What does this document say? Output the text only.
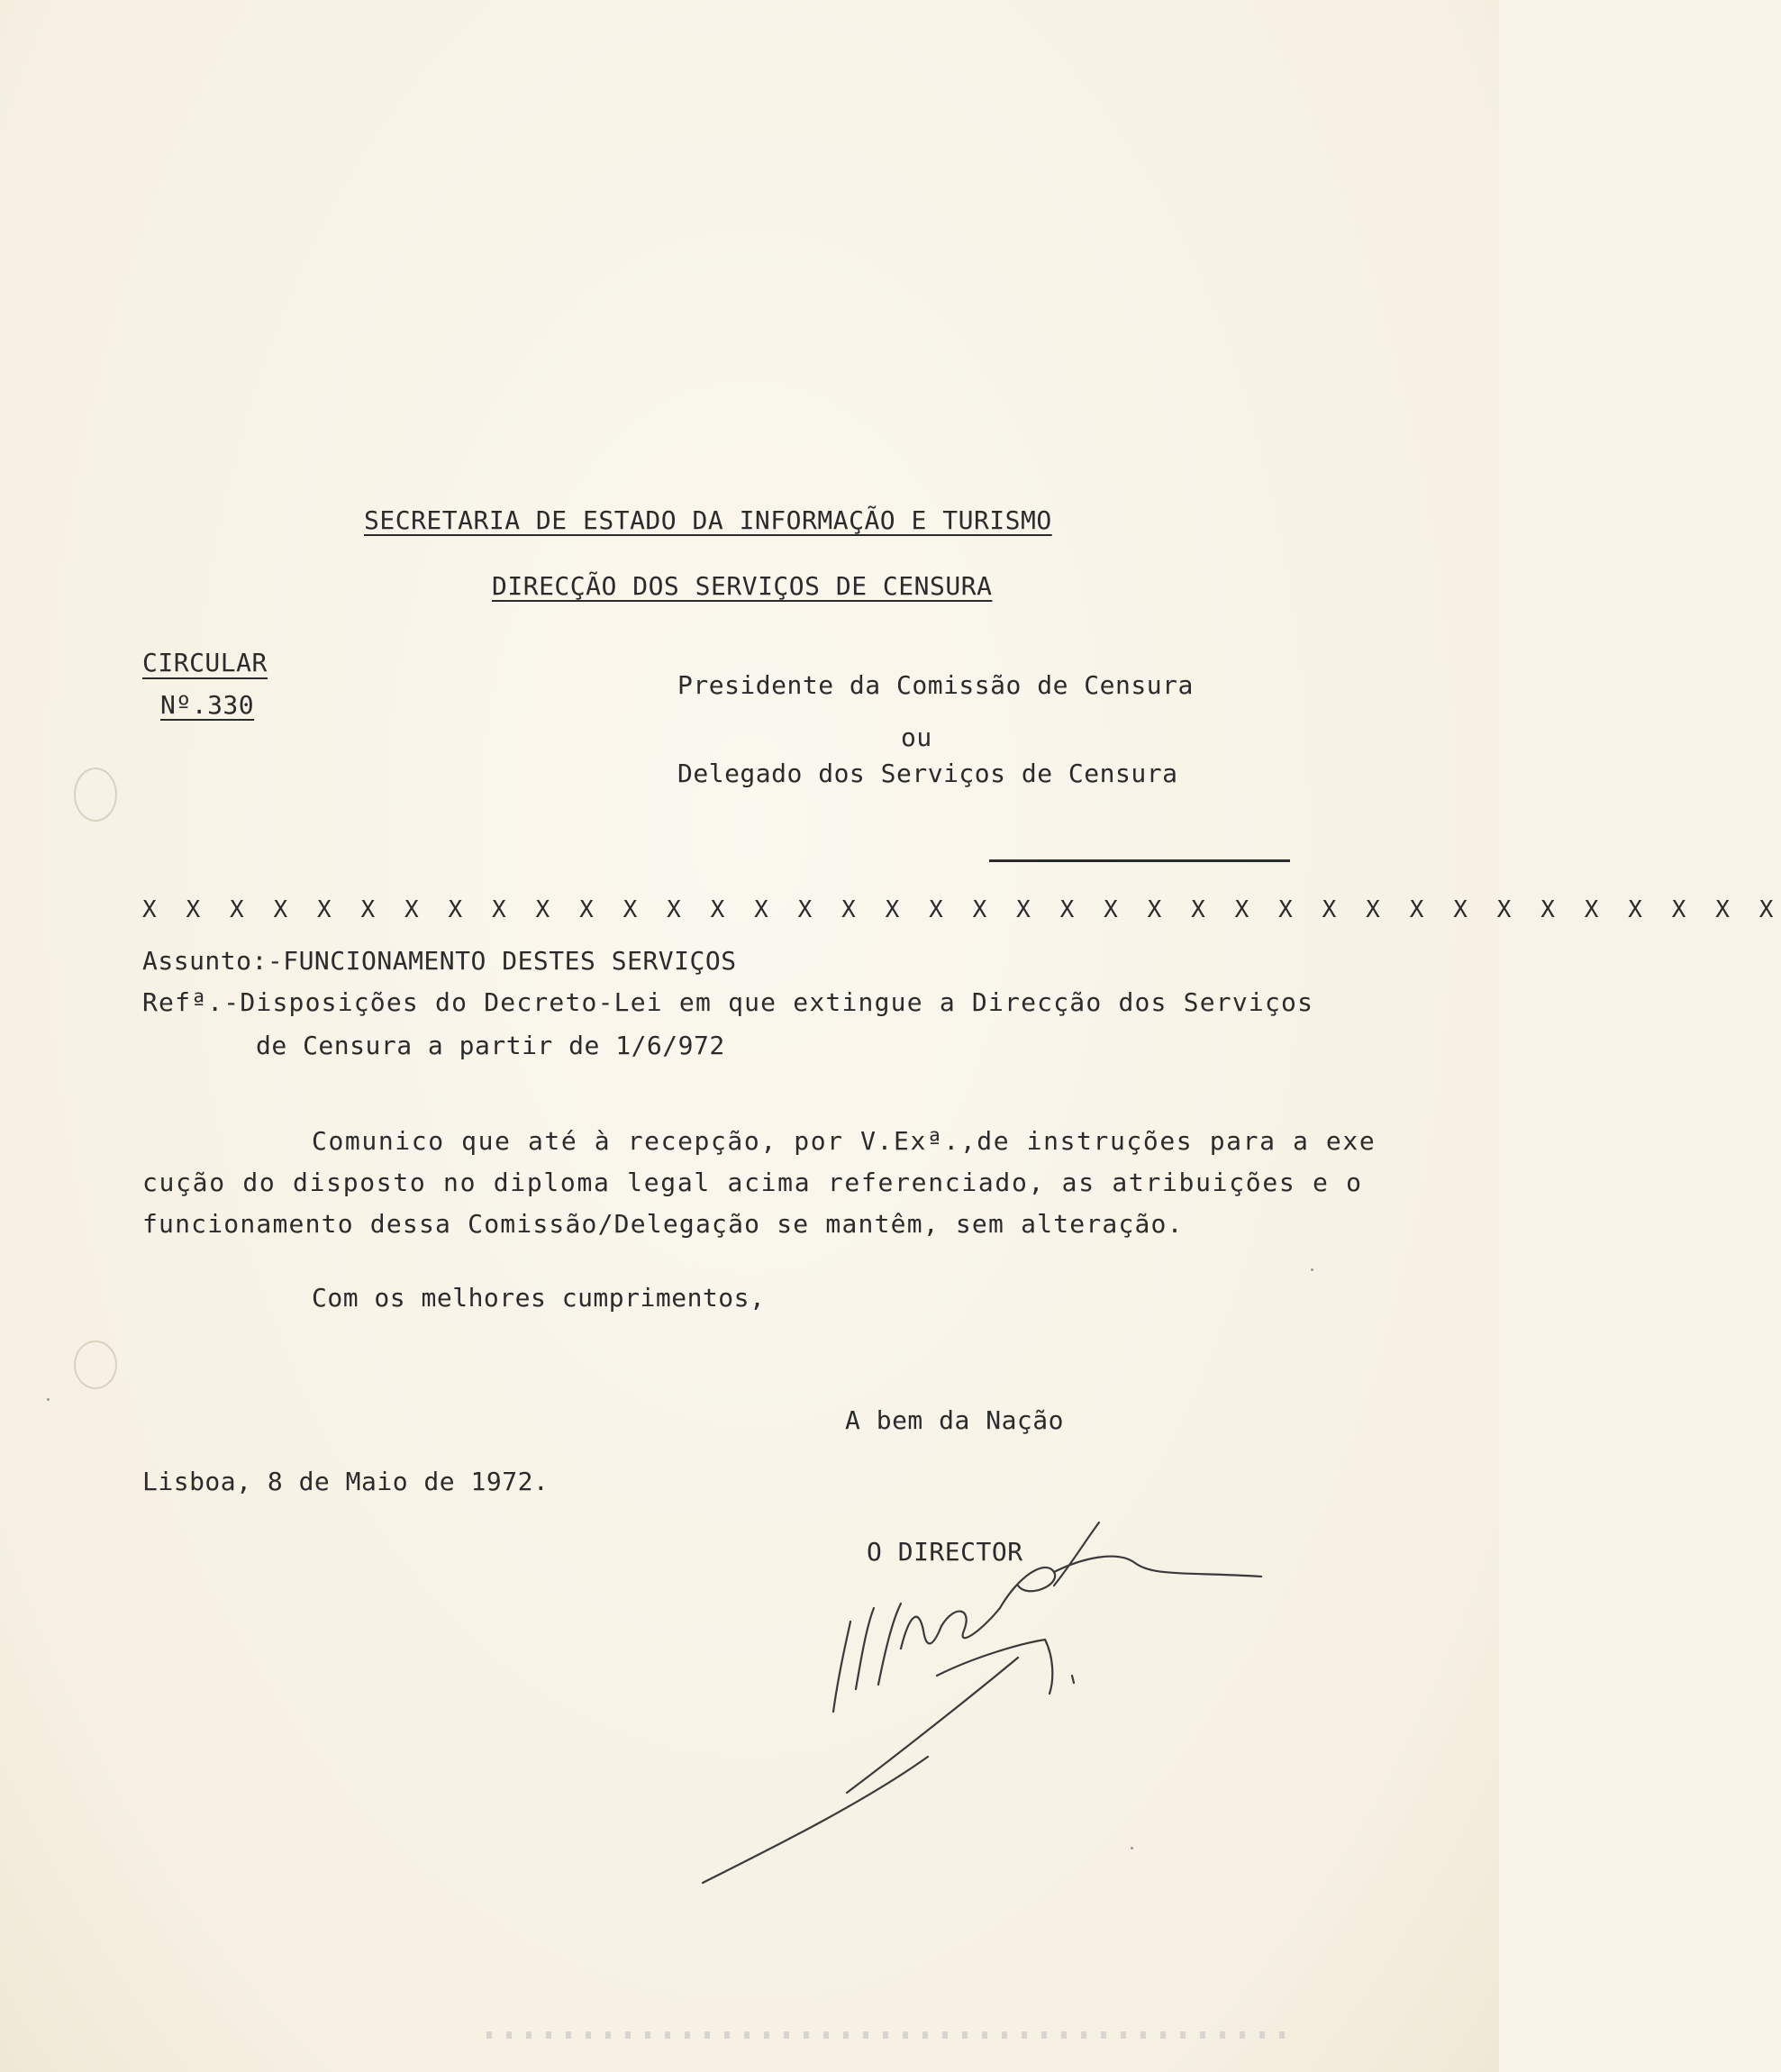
SECRETARIA DE ESTADO DA INFORMAÇÃO E TURISMO
DIRECÇÃO DOS SERVIÇOS DE CENSURA
CIRCULAR
Nº.330
Presidente da Comissão de Censura
ou
Delegado dos Serviços de Censura
X X X X X X X X X X X X X X X X X X X X X X X X X X X X X X X X X X X X X X
Assunto:-FUNCIONAMENTO DESTES SERVIÇOS
Refª.-Disposições do Decreto-Lei em que extingue a Direcção dos Serviços
de Censura a partir de 1/6/972
Comunico que até à recepção, por V.Exª.,de instruções para a exe
cução do disposto no diploma legal acima referenciado, as atribuições e o
funcionamento dessa Comissão/Delegação se mantêm, sem alteração.
Com os melhores cumprimentos,
A bem da Nação
Lisboa, 8 de Maio de 1972.
O DIRECTOR
